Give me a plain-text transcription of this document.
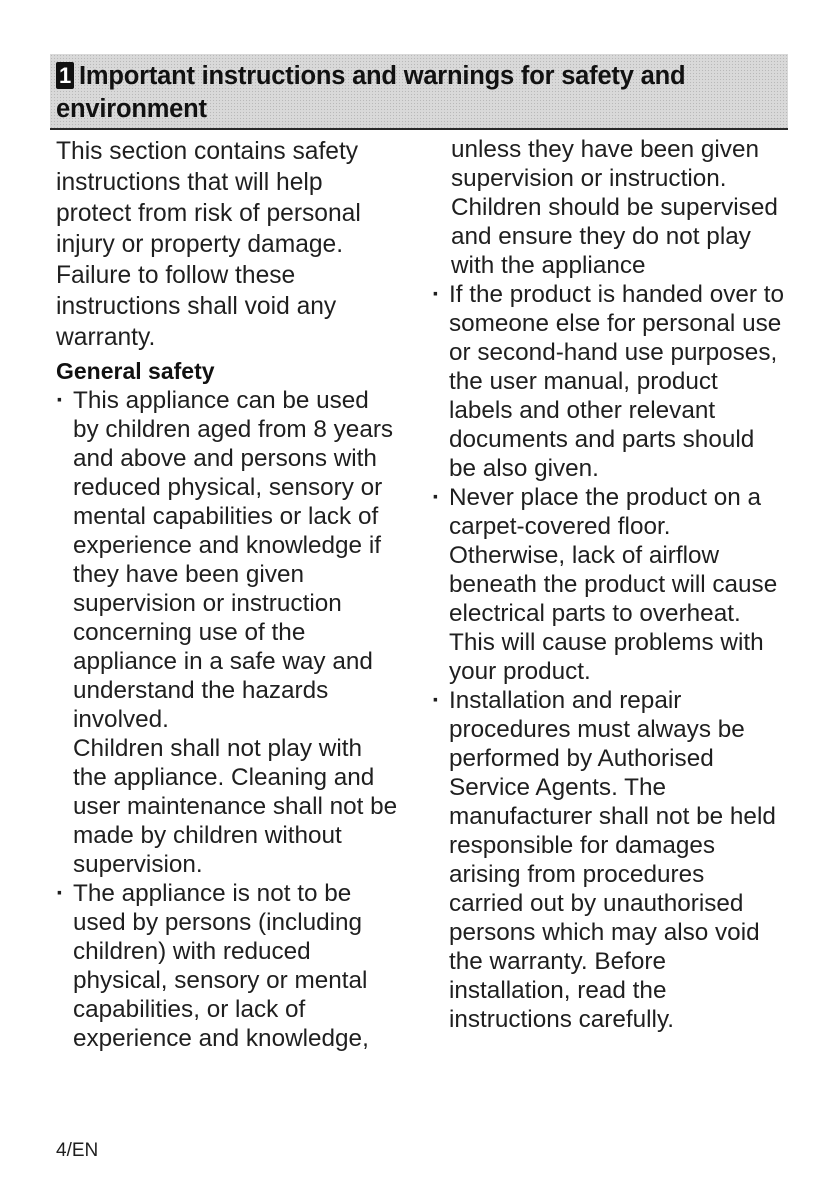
1 Important instructions and warnings for safety and environment

This section contains safety instructions that will help protect from risk of personal injury or property damage. Failure to follow these instructions shall void any warranty.

General safety

· This appliance can be used by children aged from 8 years and above and persons with reduced physical, sensory or mental capabilities or lack of experience and knowledge if they have been given supervision or instruction concerning use of the appliance in a safe way and understand the hazards involved.

Children shall not play with the appliance. Cleaning and user maintenance shall not be made by children without supervision.

· The appliance is not to be used by persons (including children) with reduced physical, sensory or mental capabilities, or lack of experience and knowledge,

unless they have been given supervision or instruction. Children should be supervised and ensure they do not play with the appliance

· If the product is handed over to someone else for personal use or second-hand use purposes, the user manual, product labels and other relevant documents and parts should be also given.

· Never place the product on a carpet-covered floor. Otherwise, lack of airflow beneath the product will cause electrical parts to overheat. This will cause problems with your product.

· Installation and repair procedures must always be performed by Authorised Service Agents. The manufacturer shall not be held responsible for damages arising from procedures carried out by unauthorised persons which may also void the warranty. Before installation, read the instructions carefully.

4/EN
